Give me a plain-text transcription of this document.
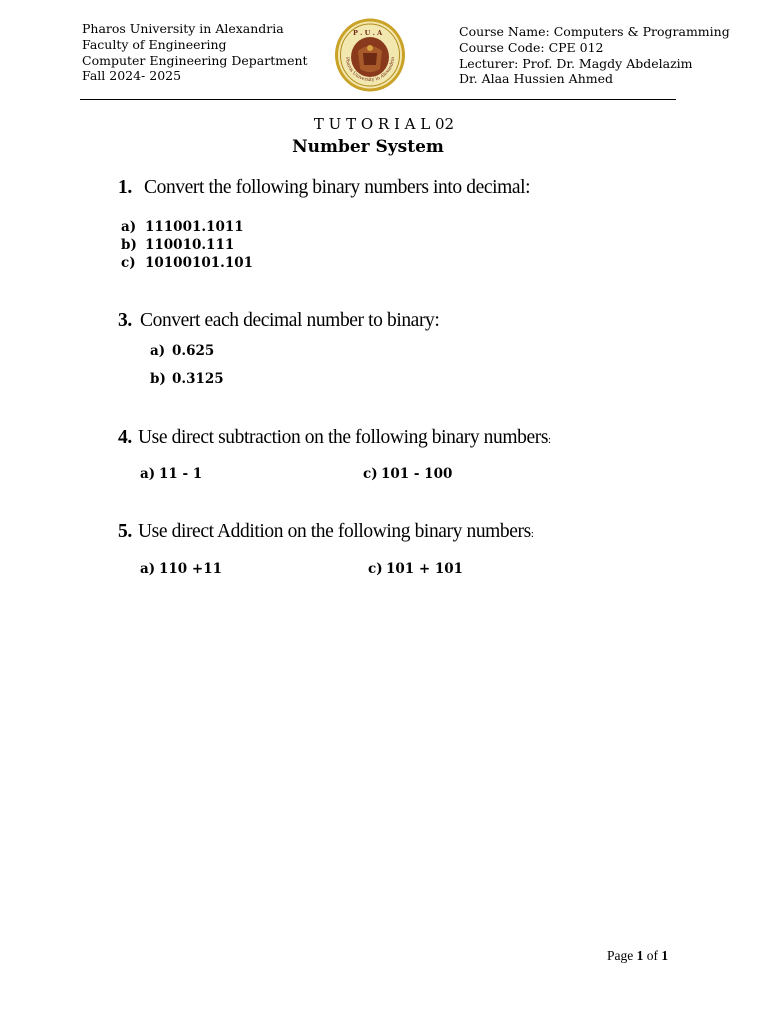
Pharos University in Alexandria
Faculty of Engineering
Computer Engineering Department
Fall 2024- 2025
P . U . A
Pharos University in Alexandria
Course Name: Computers & Programming
Course Code: CPE 012
Lecturer: Prof. Dr. Magdy Abdelazim
Dr. Alaa Hussien Ahmed
T U T O R I A L 02
Number System
1. Convert the following binary numbers into decimal:
a) 111001.1011
b) 110010.111
c) 10100101.101
3. Convert each decimal number to binary:
a) 0.625
b) 0.3125
4. Use direct subtraction on the following binary numbers:
a) 11 - 1	c) 101 - 100
5. Use direct Addition on the following binary numbers:
a) 110 +11	c) 101 + 101
Page 1 of 1
